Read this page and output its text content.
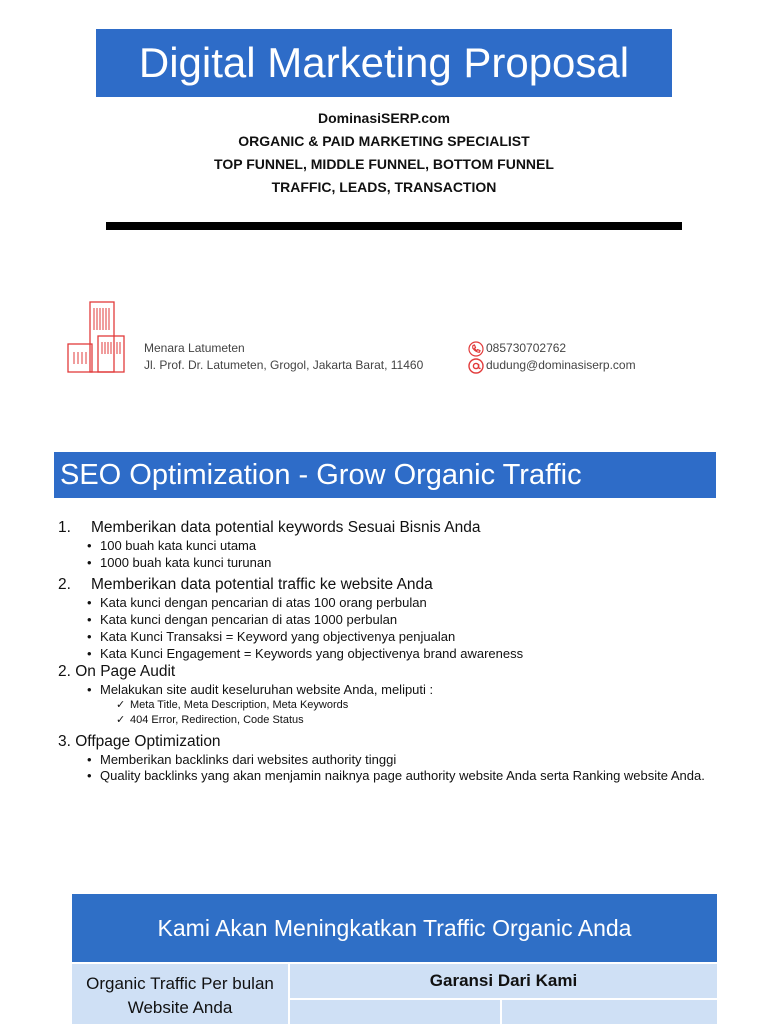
Digital Marketing Proposal
DominasiSERP.com
ORGANIC & PAID MARKETING SPECIALIST
TOP FUNNEL, MIDDLE FUNNEL, BOTTOM FUNNEL
TRAFFIC, LEADS, TRANSACTION
Menara Latumeten
Jl. Prof. Dr. Latumeten, Grogol, Jakarta Barat, 11460
085730702762
dudung@dominasiserp.com
SEO Optimization - Grow Organic Traffic
1. Memberikan data potential keywords Sesuai Bisnis Anda
• 100 buah kata kunci utama
• 1000 buah kata kunci turunan
2. Memberikan data potential traffic ke website Anda
• Kata kunci dengan pencarian di atas 100 orang perbulan
• Kata kunci dengan pencarian di atas 1000 perbulan
• Kata Kunci Transaksi = Keyword yang objectivenya penjualan
• Kata Kunci Engagement = Keywords yang objectivenya brand awareness
2. On Page Audit
• Melakukan site audit keseluruhan website Anda, meliputi :
✓ Meta Title, Meta Description, Meta Keywords
✓ 404 Error, Redirection, Code Status
3. Offpage Optimization
• Memberikan backlinks dari websites authority tinggi
• Quality backlinks yang akan menjamin naiknya page authority website Anda serta Ranking website Anda.
Kami Akan Meningkatkan Traffic Organic Anda
Organic Traffic Per bulan Website Anda
Garansi Dari Kami
